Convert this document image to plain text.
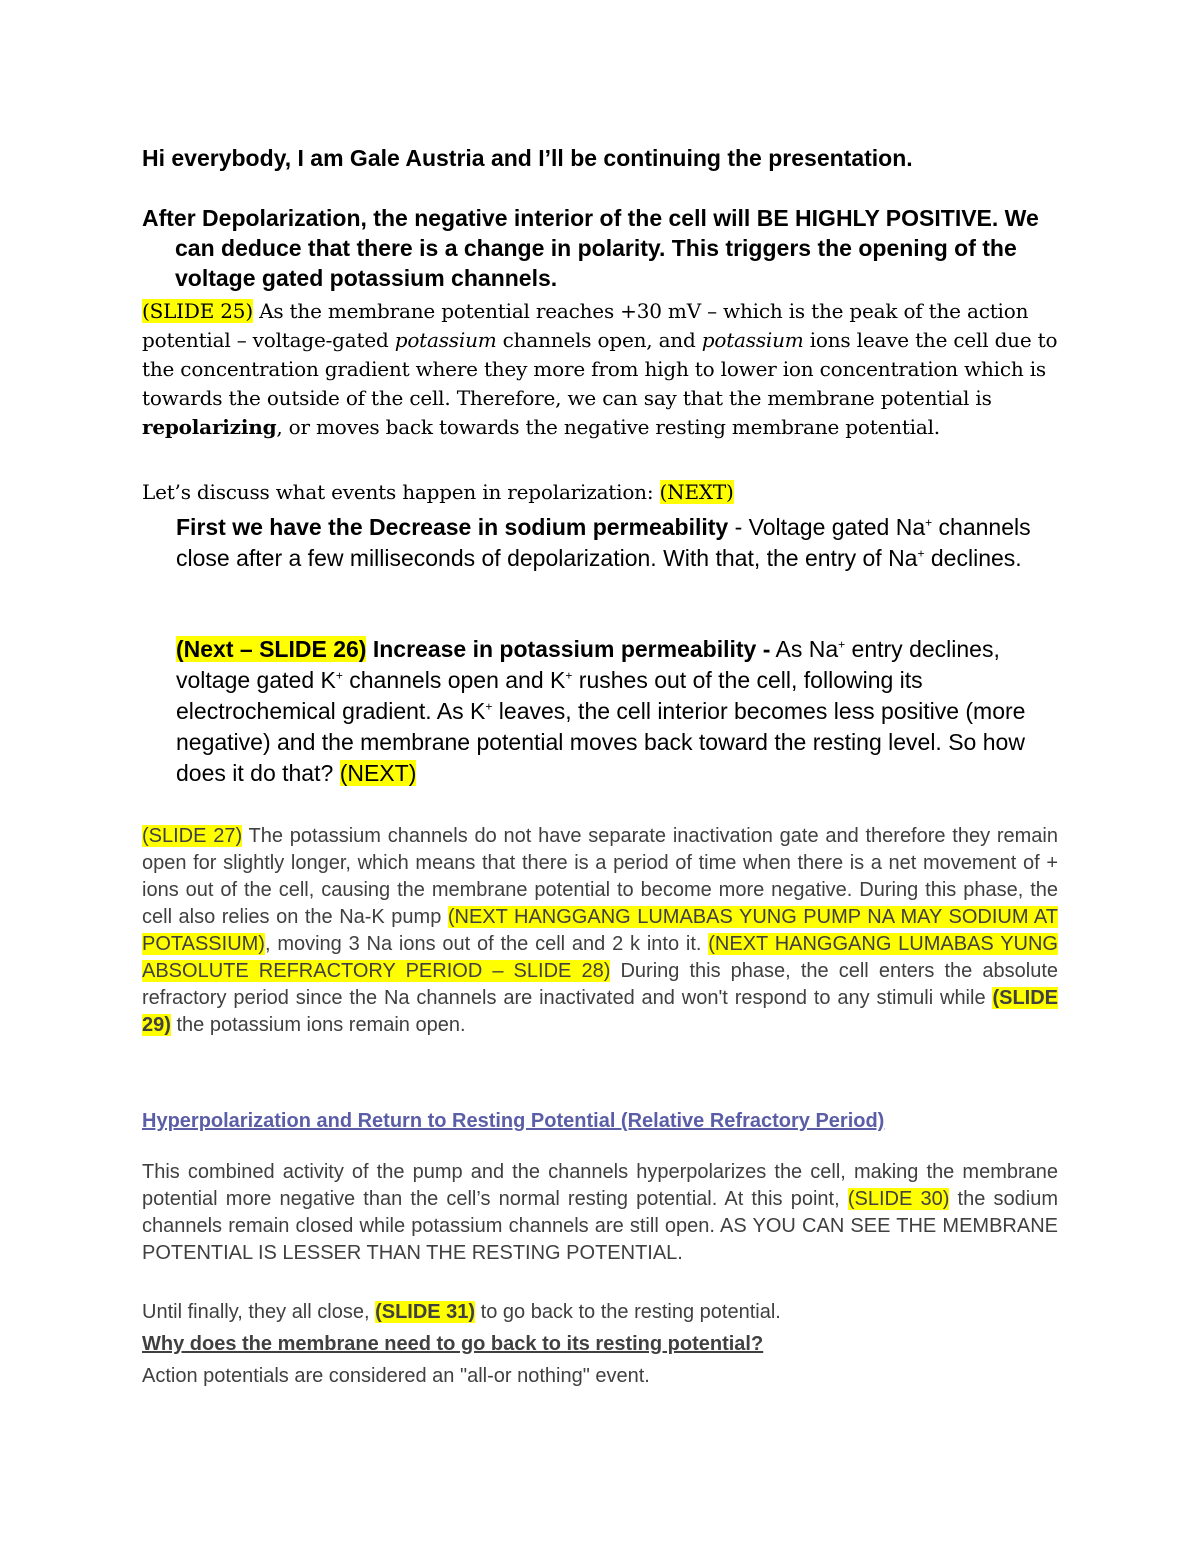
Hi everybody, I am Gale Austria and I’ll be continuing the presentation.

After Depolarization, the negative interior of the cell will BE HIGHLY POSITIVE. We can deduce that there is a change in polarity. This triggers the opening of the voltage gated potassium channels.

(SLIDE 25) As the membrane potential reaches +30 mV – which is the peak of the action potential – voltage-gated potassium channels open, and potassium ions leave the cell due to the concentration gradient where they more from high to lower ion concentration which is towards the outside of the cell. Therefore, we can say that the membrane potential is repolarizing, or moves back towards the negative resting membrane potential.

Let’s discuss what events happen in repolarization: (NEXT)

First we have the Decrease in sodium permeability - Voltage gated Na+ channels close after a few milliseconds of depolarization. With that, the entry of Na+ declines.

(Next – SLIDE 26) Increase in potassium permeability - As Na+ entry declines, voltage gated K+ channels open and K+ rushes out of the cell, following its electrochemical gradient. As K+ leaves, the cell interior becomes less positive (more negative) and the membrane potential moves back toward the resting level. So how does it do that? (NEXT)

(SLIDE 27) The potassium channels do not have separate inactivation gate and therefore they remain open for slightly longer, which means that there is a period of time when there is a net movement of + ions out of the cell, causing the membrane potential to become more negative. During this phase, the cell also relies on the Na-K pump (NEXT HANGGANG LUMABAS YUNG PUMP NA MAY SODIUM AT POTASSIUM), moving 3 Na ions out of the cell and 2 k into it. (NEXT HANGGANG LUMABAS YUNG ABSOLUTE REFRACTORY PERIOD – SLIDE 28) During this phase, the cell enters the absolute refractory period since the Na channels are inactivated and won't respond to any stimuli while (SLIDE 29) the potassium ions remain open.

Hyperpolarization and Return to Resting Potential (Relative Refractory Period)

This combined activity of the pump and the channels hyperpolarizes the cell, making the membrane potential more negative than the cell’s normal resting potential. At this point, (SLIDE 30) the sodium channels remain closed while potassium channels are still open. AS YOU CAN SEE THE MEMBRANE POTENTIAL IS LESSER THAN THE RESTING POTENTIAL.

Until finally, they all close, (SLIDE 31) to go back to the resting potential.

Why does the membrane need to go back to its resting potential?

Action potentials are considered an "all-or nothing" event.
